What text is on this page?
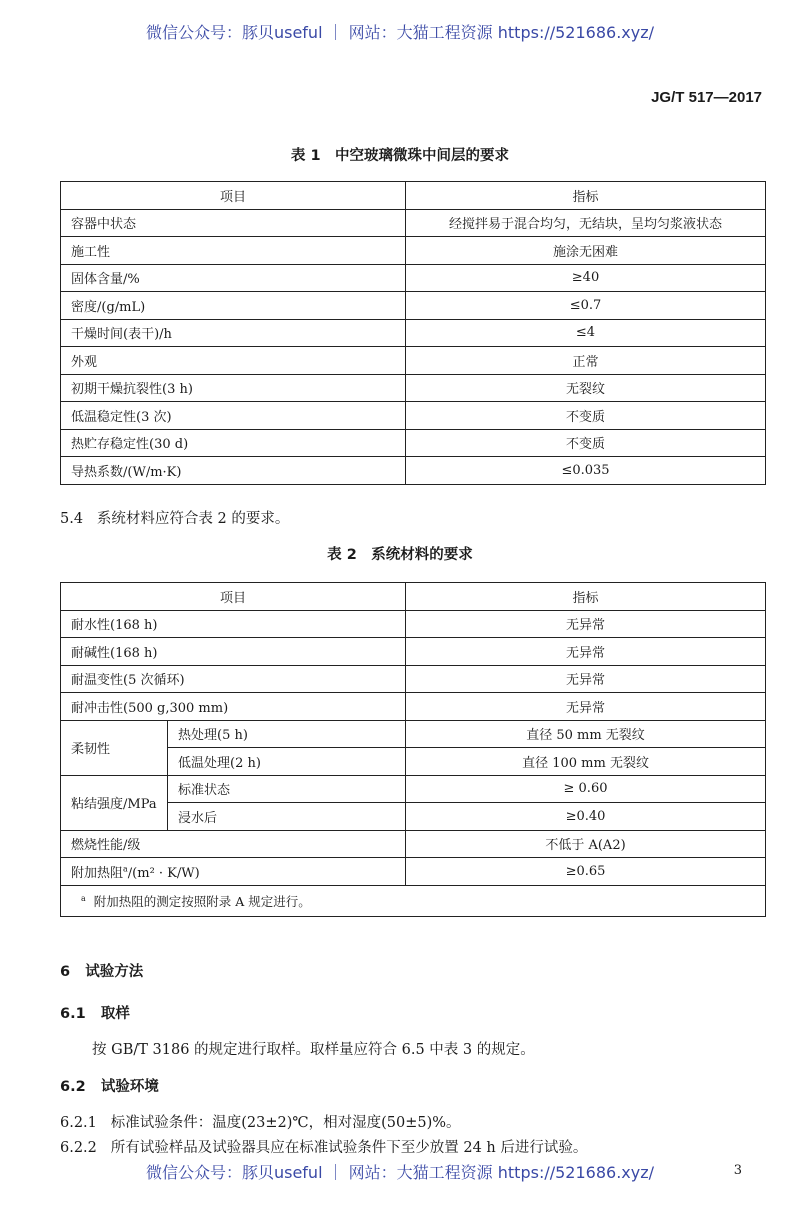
微信公众号：豚贝useful ｜ 网站：大猫工程资源 https://521686.xyz/
JG/T 517—2017
表 1　中空玻璃微珠中间层的要求
项目	指标
容器中状态	经搅拌易于混合均匀，无结块，呈均匀浆液状态
施工性	施涂无困难
固体含量/%	≥40
密度/(g/mL)	≤0.7
干燥时间(表干)/h	≤4
外观	正常
初期干燥抗裂性(3 h)	无裂纹
低温稳定性(3 次)	不变质
热贮存稳定性(30 d)	不变质
导热系数/(W/m·K)	≤0.035
5.4 系统材料应符合表 2 的要求。
表 2　系统材料的要求
项目		指标
耐水性(168 h)		无异常
耐碱性(168 h)		无异常
耐温变性(5 次循环)		无异常
耐冲击性(500 g,300 mm)		无异常
柔韧性	热处理(5 h)	直径 50 mm 无裂纹
	低温处理(2 h)	直径 100 mm 无裂纹
粘结强度/MPa	标准状态	≥ 0.60
	浸水后	≥0.40
燃烧性能/级		不低于 A(A2)
附加热阻$^a$/(m² · K/W)		≥0.65
$^a$ 附加热阻的测定按照附录 A 规定进行。		
6 试验方法
6.1 取样
按 GB/T 3186 的规定进行取样。取样量应符合 6.5 中表 3 的规定。
6.2 试验环境
6.2.1 标准试验条件：温度(23±2)℃，相对湿度(50±5)%。
6.2.2 所有试验样品及试验器具应在标准试验条件下至少放置 24 h 后进行试验。
微信公众号：豚贝useful ｜ 网站：大猫工程资源 https://521686.xyz/	3
